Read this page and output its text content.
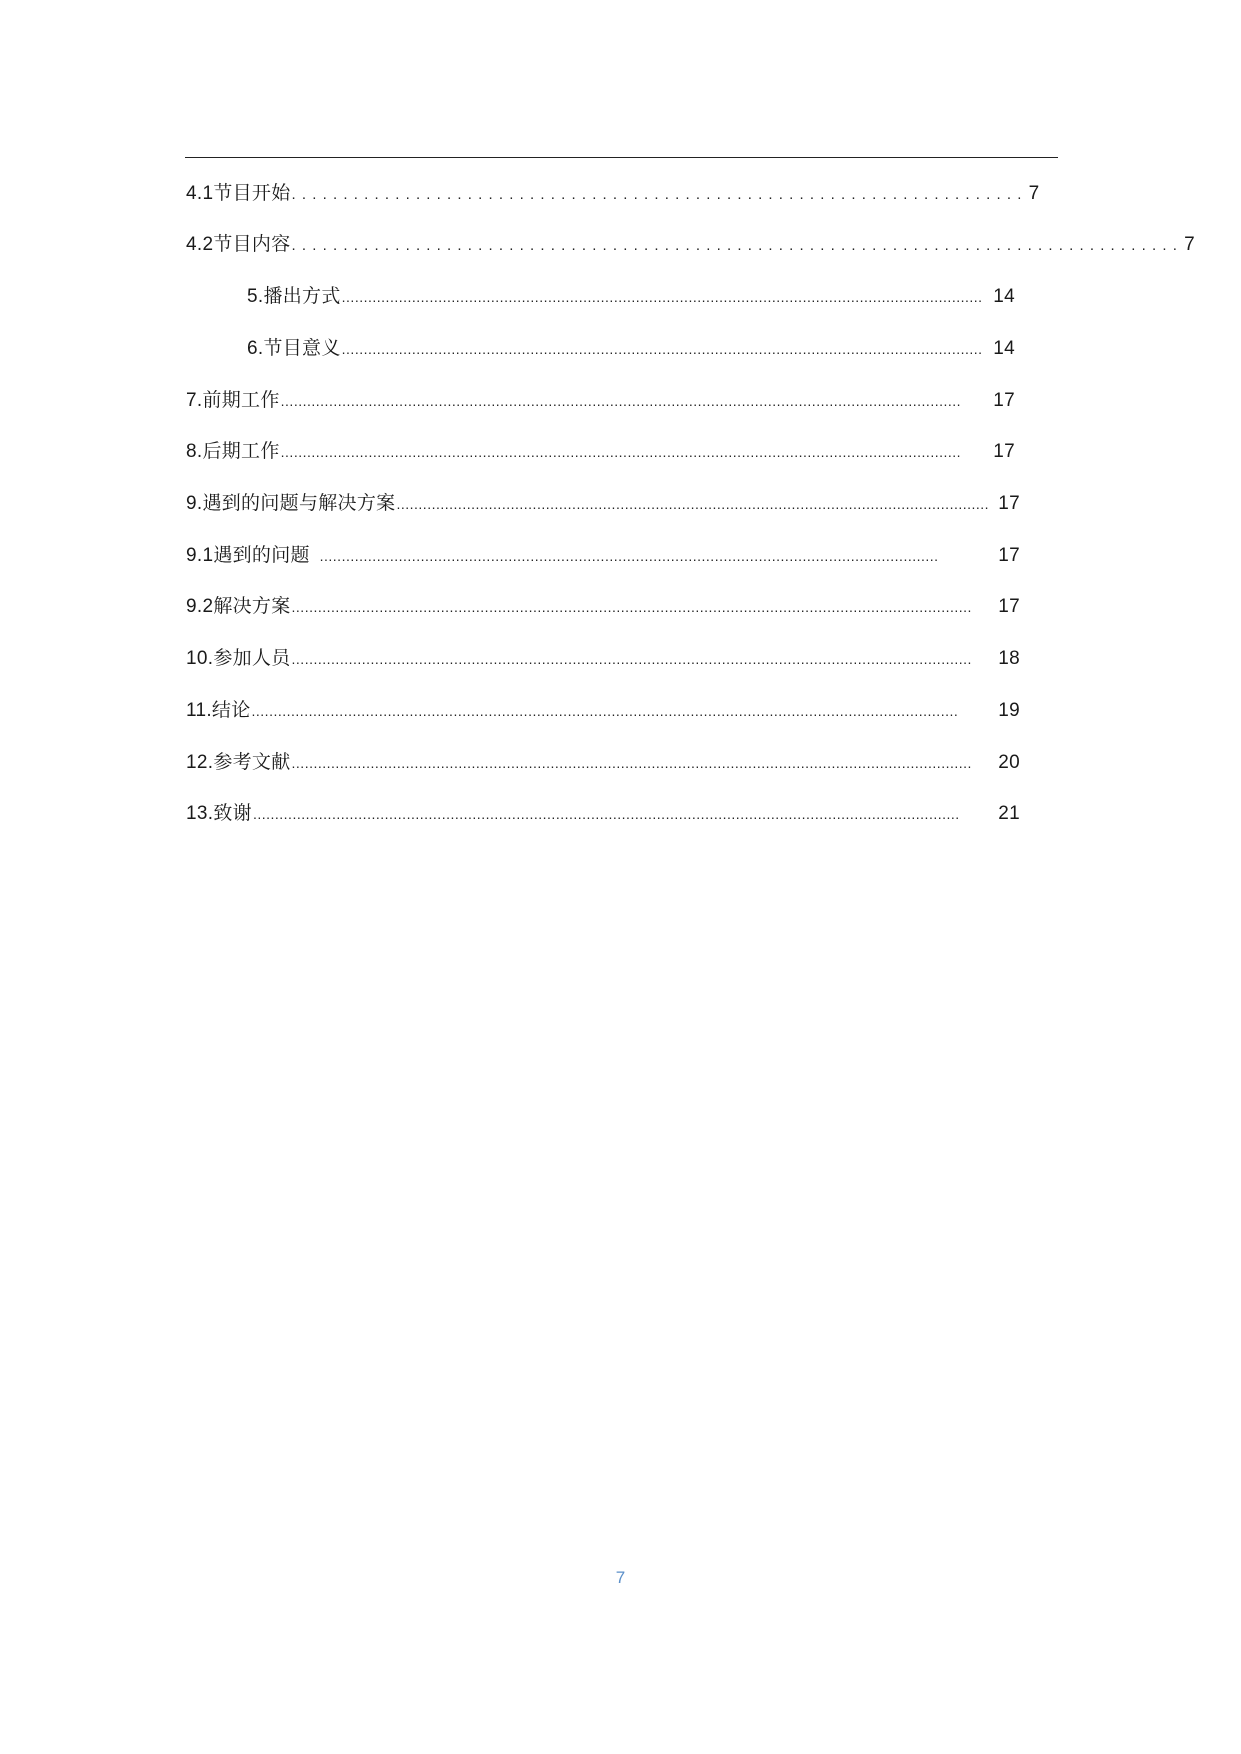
4.1 节目开始 ....................................................................... 7
4.2 节目内容 ...................................................................................... 7
5. 播出方式 .................................................................................................................................................. 14
6. 节目意义 .................................................................................................................................................. 14
7. 前期工作 ...........................................................................................................................................................	17
8. 后期工作 ...........................................................................................................................................................	17
9. 遇到的问题与解决方案 ....................................................................................................................................... 17
9.1 遇到的问题 .............................................................................................................................................	17
9.2 解决方案 ...........................................................................................................................................................	17
10. 参加人员 ...........................................................................................................................................................	18
11. 结论 .................................................................................................................................................................	19
12. 参考文献 ...........................................................................................................................................................	20
13. 致谢 .................................................................................................................................................................	21
7
